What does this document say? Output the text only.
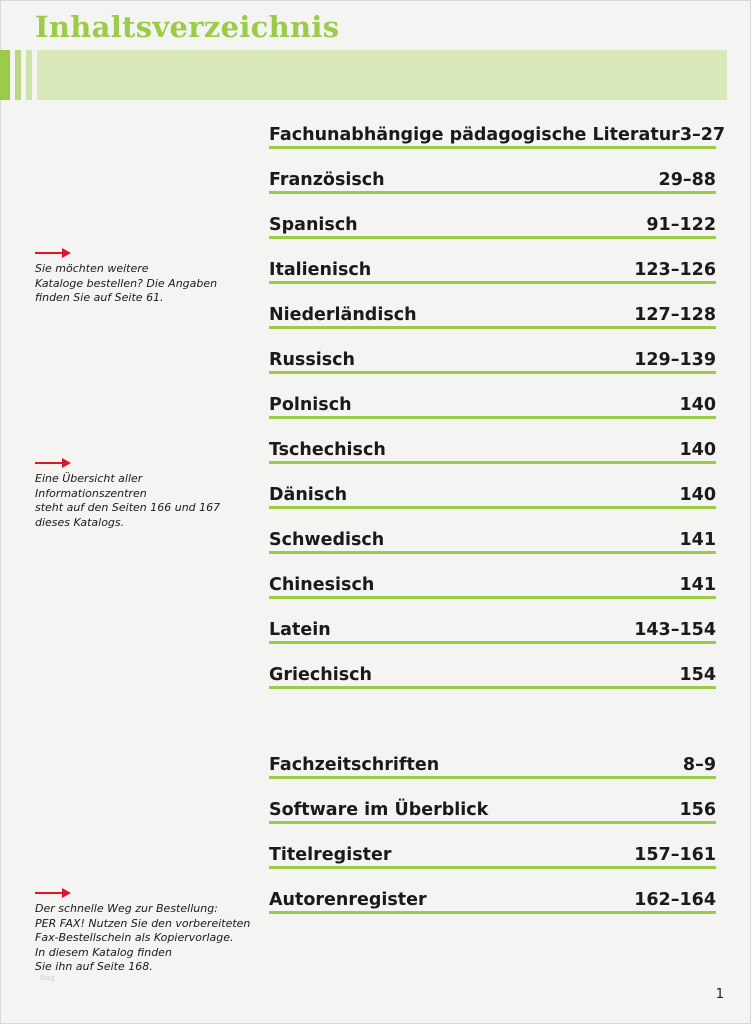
Inhaltsverzeichnis
Fachunabhängige pädagogische Literatur 3–27
Französisch	29–88
Spanisch	91–122
Italienisch	123–126
Niederländisch	127–128
Russisch	129–139
Polnisch	140
Tschechisch	140
Dänisch	140
Schwedisch	141
Chinesisch	141
Latein	143–154
Griechisch	154
Fachzeitschriften	8–9
Software im Überblick	156
Titelregister	157–161
Autorenregister	162–164
Sie möchten weitere
Kataloge bestellen? Die Angaben
finden Sie auf Seite 61.
Eine Übersicht aller Informationszentren
steht auf den Seiten 166 und 167
dieses Katalogs.
Der schnelle Weg zur Bestellung:
PER FAX! Nutzen Sie den vorbereiteten
Fax-Bestellschein als Kopiervorlage.
In diesem Katalog finden
Sie ihn auf Seite 168.
lkag
1
